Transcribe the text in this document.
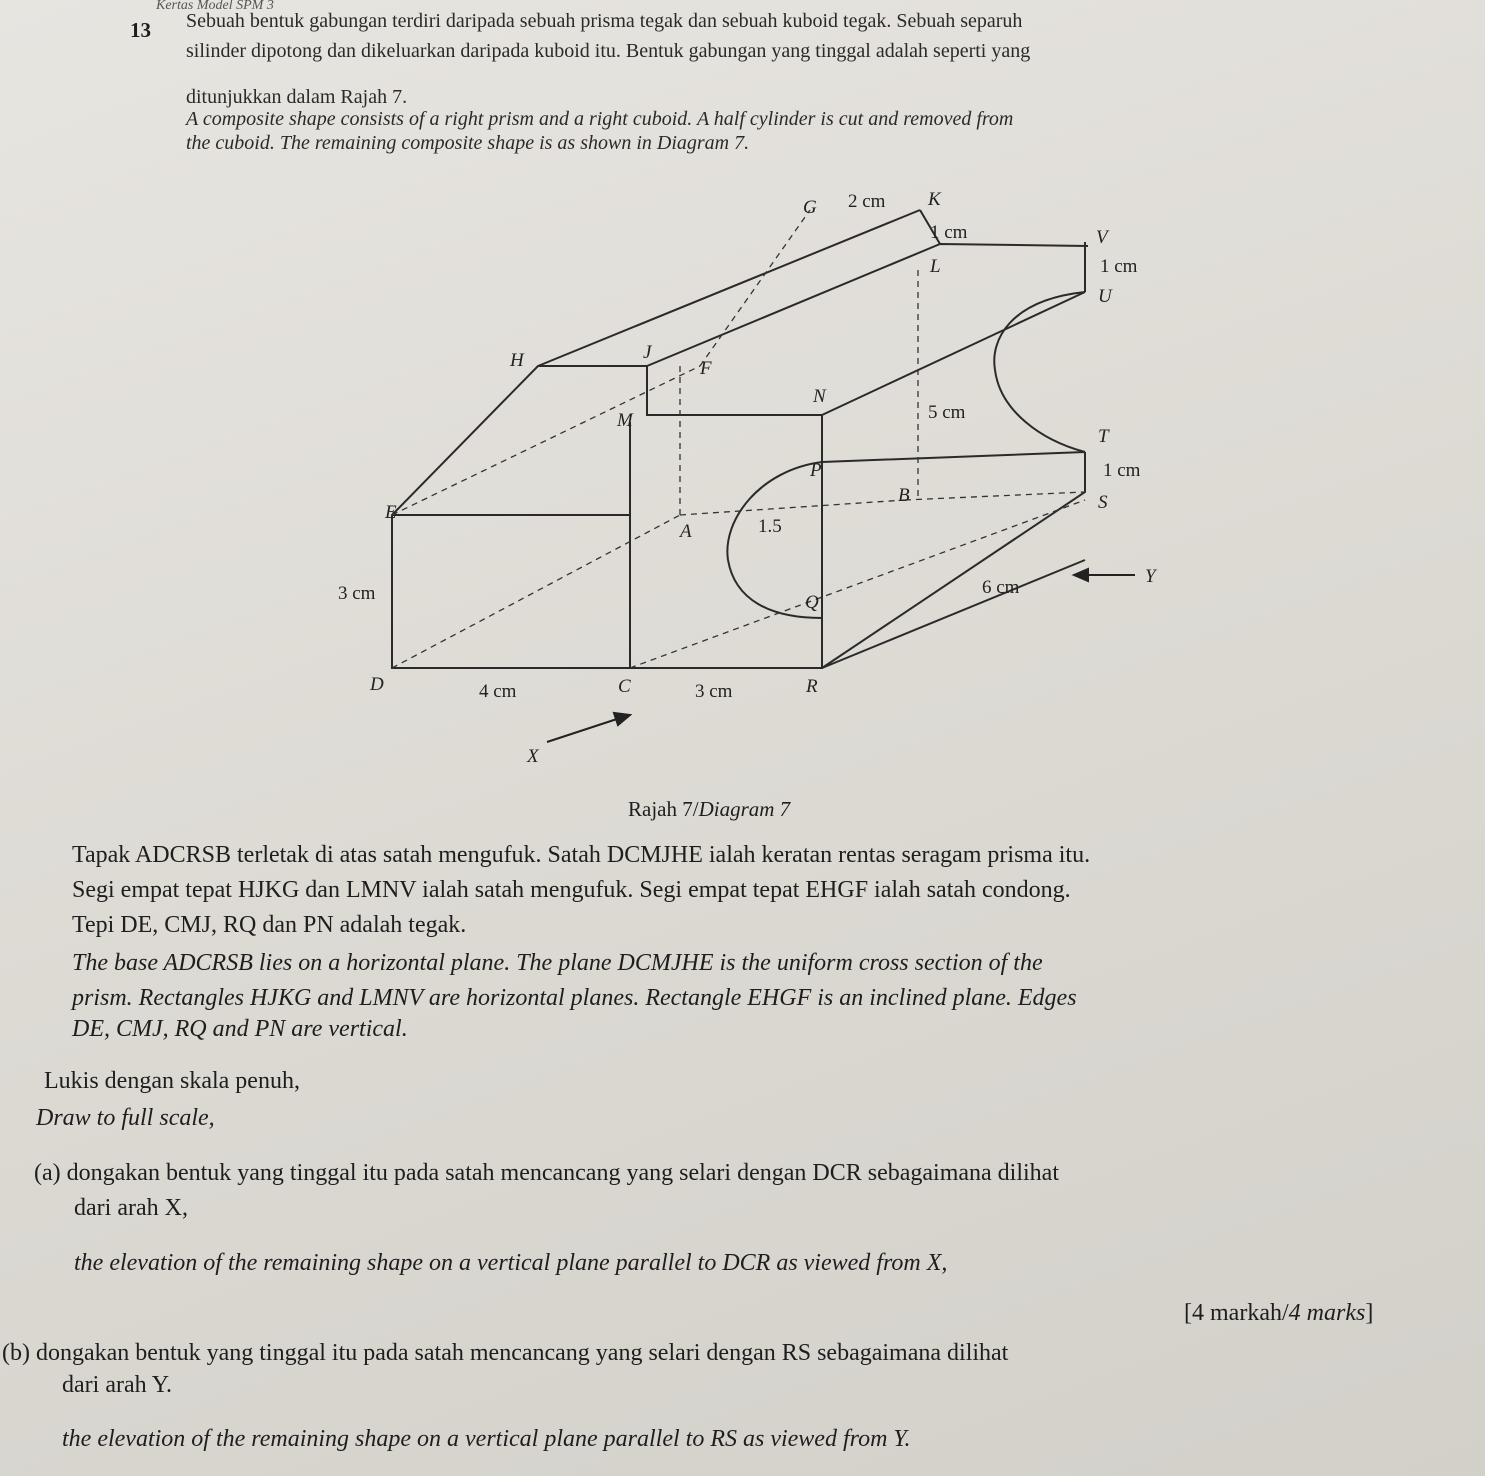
Kertas Model SPM 3
13 Sebuah bentuk gabungan terdiri daripada sebuah prisma tegak dan sebuah kuboid tegak. Sebuah separuh
silinder dipotong dan dikeluarkan daripada kuboid itu. Bentuk gabungan yang tinggal adalah seperti yang
ditunjukkan dalam Rajah 7.
A composite shape consists of a right prism and a right cuboid. A half cylinder is cut and removed from
the cuboid. The remaining composite shape is as shown in Diagram 7.
G 2 cm K
1 cm	V
L	1 cm
U
H	J
F
N
5 cm
M
T
P	1 cm
B	S
E
A	1.5
6 cm
Y
3 cm	Q
D	4 cm	C	3 cm	R
X
Rajah 7/Diagram 7
Tapak ADCRSB terletak di atas satah mengufuk. Satah DCMJHE ialah keratan rentas seragam prisma itu.
Segi empat tepat HJKG dan LMNV ialah satah mengufuk. Segi empat tepat EHGF ialah satah condong.
Tepi DE, CMJ, RQ dan PN adalah tegak.
The base ADCRSB lies on a horizontal plane. The plane DCMJHE is the uniform cross section of the
prism. Rectangles HJKG and LMNV are horizontal planes. Rectangle EHGF is an inclined plane. Edges
DE, CMJ, RQ and PN are vertical.
Lukis dengan skala penuh,
Draw to full scale,
(a) dongakan bentuk yang tinggal itu pada satah mencancang yang selari dengan DCR sebagaimana dilihat
dari arah X,
the elevation of the remaining shape on a vertical plane parallel to DCR as viewed from X,
[4 markah/4 marks]
(b) dongakan bentuk yang tinggal itu pada satah mencancang yang selari dengan RS sebagaimana dilihat
dari arah Y.
the elevation of the remaining shape on a vertical plane parallel to RS as viewed from Y.
